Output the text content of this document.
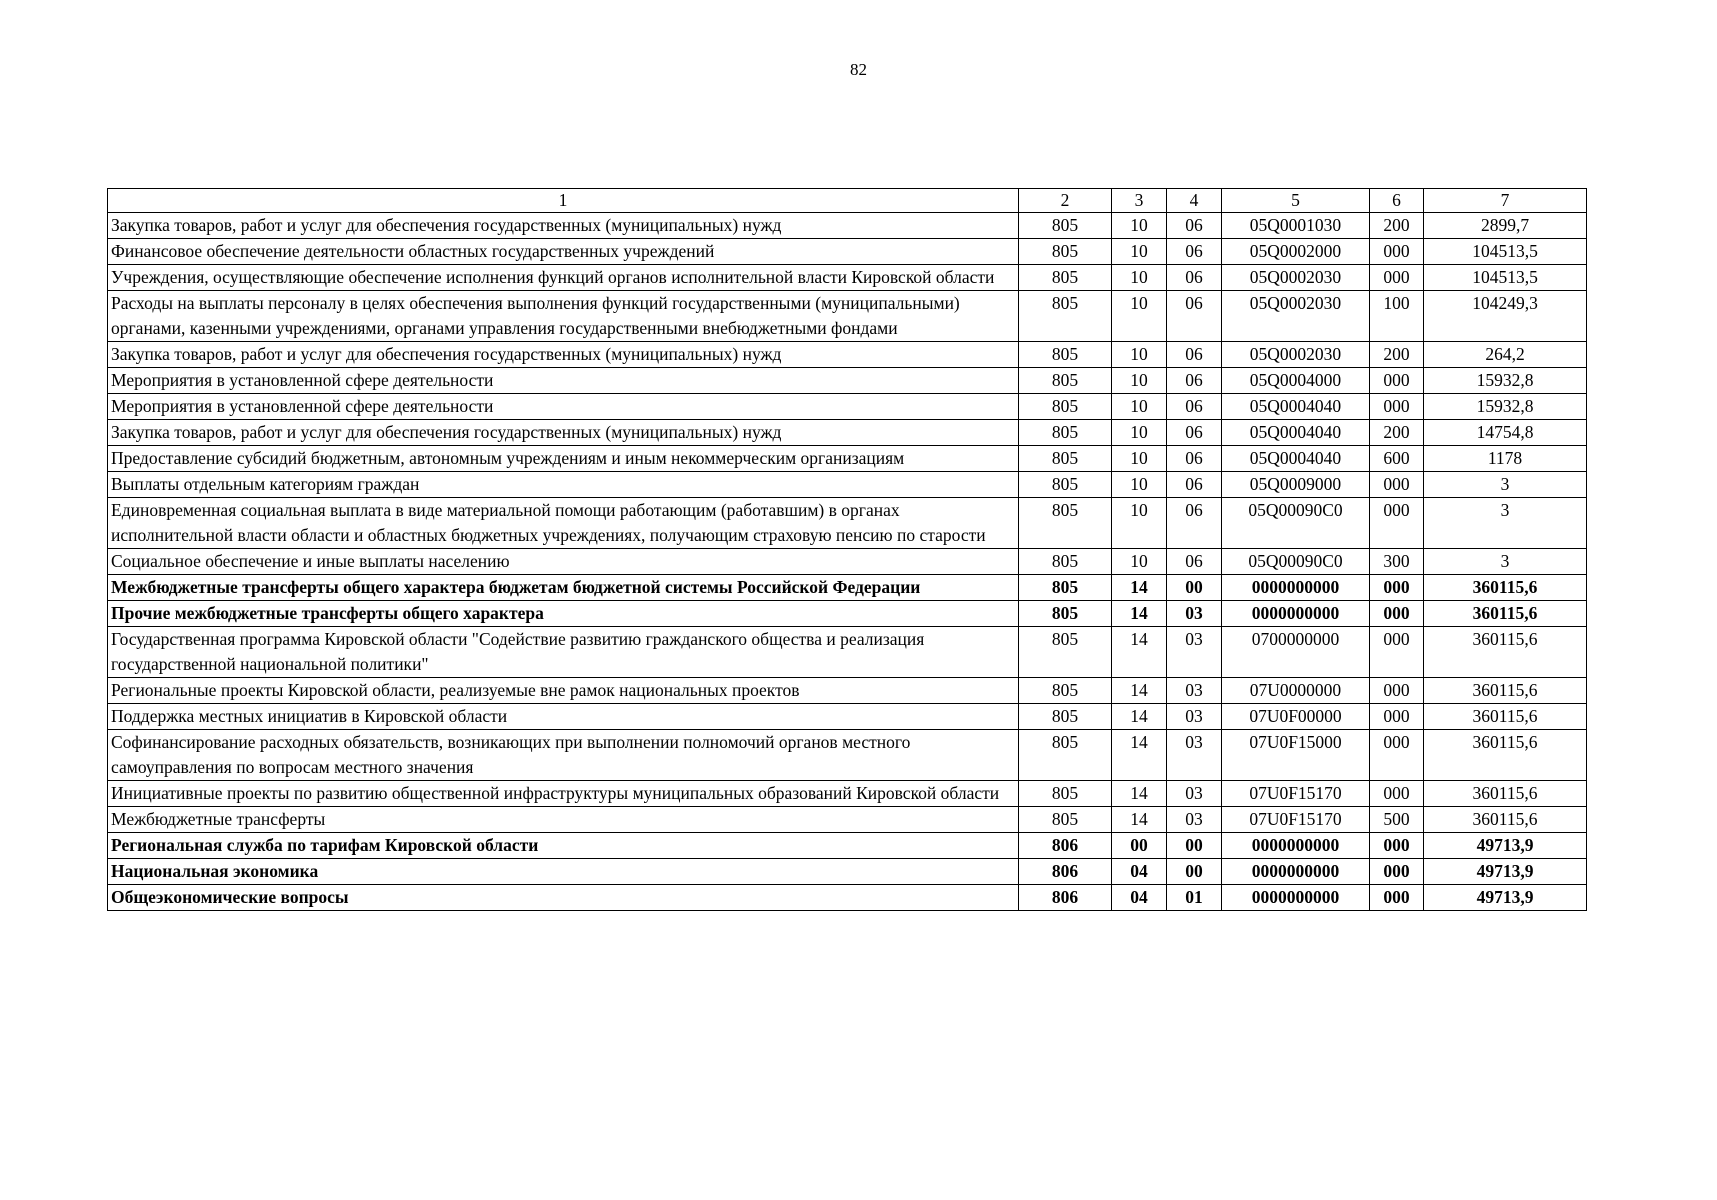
82
1	2	3	4	5	6	7
Закупка товаров, работ и услуг для обеспечения государственных (муниципальных) нужд	805	10	06	05Q0001030	200	2899,7
Финансовое обеспечение деятельности областных государственных учреждений	805	10	06	05Q0002000	000	104513,5
Учреждения, осуществляющие обеспечение исполнения функций органов исполнительной власти Кировской области	805	10	06	05Q0002030	000	104513,5
Расходы на выплаты персоналу в целях обеспечения выполнения функций государственными (муниципальными) органами, казенными учреждениями, органами управления государственными внебюджетными фондами	805	10	06	05Q0002030	100	104249,3
Закупка товаров, работ и услуг для обеспечения государственных (муниципальных) нужд	805	10	06	05Q0002030	200	264,2
Мероприятия в установленной сфере деятельности	805	10	06	05Q0004000	000	15932,8
Мероприятия в установленной сфере деятельности	805	10	06	05Q0004040	000	15932,8
Закупка товаров, работ и услуг для обеспечения государственных (муниципальных) нужд	805	10	06	05Q0004040	200	14754,8
Предоставление субсидий бюджетным, автономным учреждениям и иным некоммерческим организациям	805	10	06	05Q0004040	600	1178
Выплаты отдельным категориям граждан	805	10	06	05Q0009000	000	3
Единовременная социальная выплата в виде материальной помощи работающим (работавшим) в органах исполнительной власти области и областных бюджетных учреждениях, получающим страховую пенсию по старости	805	10	06	05Q00090C0	000	3
Социальное обеспечение и иные выплаты населению	805	10	06	05Q00090C0	300	3
Межбюджетные трансферты общего характера бюджетам бюджетной системы Российской Федерации	805	14	00	0000000000	000	360115,6
Прочие межбюджетные трансферты общего характера	805	14	03	0000000000	000	360115,6
Государственная программа Кировской области "Содействие развитию гражданского общества и реализация государственной национальной политики"	805	14	03	0700000000	000	360115,6
Региональные проекты Кировской области, реализуемые вне рамок национальных проектов	805	14	03	07U0000000	000	360115,6
Поддержка местных инициатив в Кировской области	805	14	03	07U0F00000	000	360115,6
Софинансирование расходных обязательств, возникающих при выполнении полномочий органов местного самоуправления по вопросам местного значения	805	14	03	07U0F15000	000	360115,6
Инициативные проекты по развитию общественной инфраструктуры муниципальных образований Кировской области	805	14	03	07U0F15170	000	360115,6
Межбюджетные трансферты	805	14	03	07U0F15170	500	360115,6
Региональная служба по тарифам Кировской области	806	00	00	0000000000	000	49713,9
Национальная экономика	806	04	00	0000000000	000	49713,9
Общеэкономические вопросы	806	04	01	0000000000	000	49713,9
